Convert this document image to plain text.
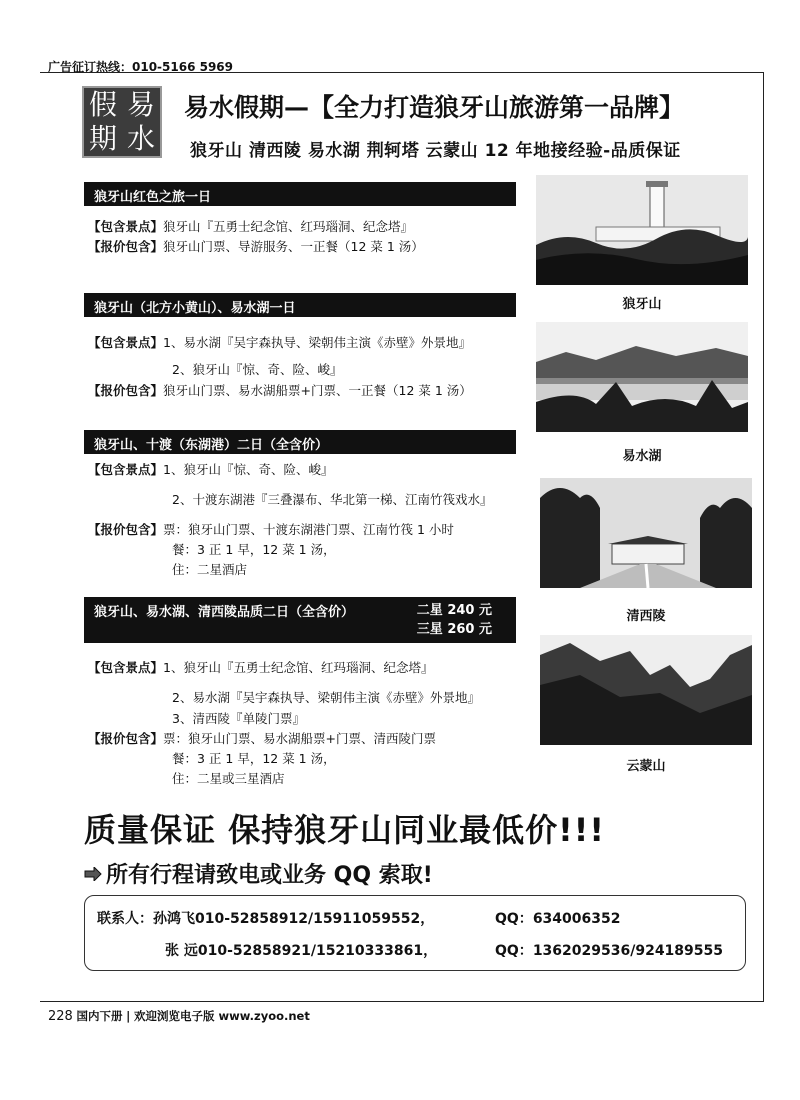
广告征订热线：010-5166 5969
假 易
期 水
易水假期—【全力打造狼牙山旅游第一品牌】
狼牙山 清西陵 易水湖 荆轲塔 云蒙山 12 年地接经验-品质保证
狼牙山红色之旅一日
【包含景点】狼牙山『五勇士纪念馆、红玛瑙洞、纪念塔』
【报价包含】狼牙山门票、导游服务、一正餐（12 菜 1 汤）
狼牙山（北方小黄山）、易水湖一日
【包含景点】1、易水湖『吴宇森执导、梁朝伟主演《赤壁》外景地』
2、狼牙山『惊、奇、险、峻』
【报价包含】狼牙山门票、易水湖船票+门票、一正餐（12 菜 1 汤）
狼牙山、十渡（东湖港）二日（全含价）
【包含景点】1、狼牙山『惊、奇、险、峻』
2、十渡东湖港『三叠瀑布、华北第一梯、江南竹筏戏水』
【报价包含】票：狼牙山门票、十渡东湖港门票、江南竹筏 1 小时
餐：3 正 1 早，12 菜 1 汤，
住：二星酒店
狼牙山、易水湖、清西陵品质二日（全含价）	二星 240 元
三星 260 元
【包含景点】1、狼牙山『五勇士纪念馆、红玛瑙洞、纪念塔』
2、易水湖『吴宇森执导、梁朝伟主演《赤壁》外景地』
3、清西陵『单陵门票』
【报价包含】票：狼牙山门票、易水湖船票+门票、清西陵门票
餐：3 正 1 早，12 菜 1 汤，
住：二星或三星酒店
狼牙山
易水湖
清西陵
云蒙山
质量保证 保持狼牙山同业最低价!!!
所有行程请致电或业务 QQ 索取!
联系人：孙鸿飞010-52858912/15911059552，	QQ：634006352
张 远010-52858921/15210333861，	QQ：1362029536/924189555
228 国内下册 | 欢迎浏览电子版 www.zyoo.net
